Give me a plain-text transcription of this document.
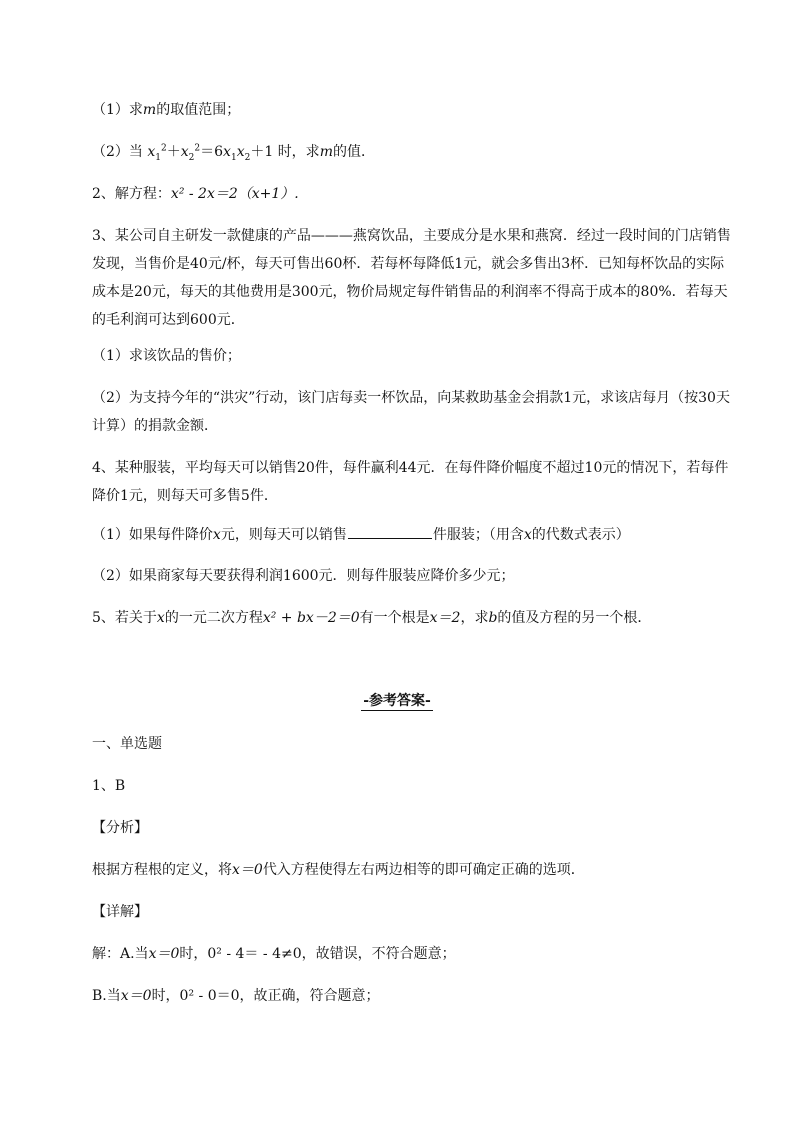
（1）求m的取值范围；
（2）当 $x_1^2+x_2^2=6x_1x_2+1$ 时，求m的值．
2、解方程：x² - 2x＝2（x+1）.
3、某公司自主研发一款健康的产品———燕窝饮品，主要成分是水果和燕窝．经过一段时间的门店销售发现，当售价是40元/杯，每天可售出60杯．若每杯每降低1元，就会多售出3杯．已知每杯饮品的实际成本是20元，每天的其他费用是300元，物价局规定每件销售品的利润率不得高于成本的80%．若每天的毛利润可达到600元．
（1）求该饮品的售价；
（2）为支持今年的“洪灾”行动，该门店每卖一杯饮品，向某救助基金会捐款1元，求该店每月（按30天计算）的捐款金额．
4、某种服装，平均每天可以销售20件，每件赢利44元．在每件降价幅度不超过10元的情况下，若每件降价1元，则每天可多售5件．
（1）如果每件降价x元，则每天可以销售	件服装；（用含x的代数式表示）
（2）如果商家每天要获得利润1600元．则每件服装应降价多少元；
5、若关于x的一元二次方程x² + bx－2＝0有一个根是x＝2，求b的值及方程的另一个根．
-参考答案-
一、单选题
1、B
【分析】
根据方程根的定义，将x＝0代入方程使得左右两边相等的即可确定正确的选项．
【详解】
解：A.当x＝0时，0² - 4＝ - 4≠0，故错误，不符合题意；
B.当x＝0时，0² - 0＝0，故正确，符合题意；
